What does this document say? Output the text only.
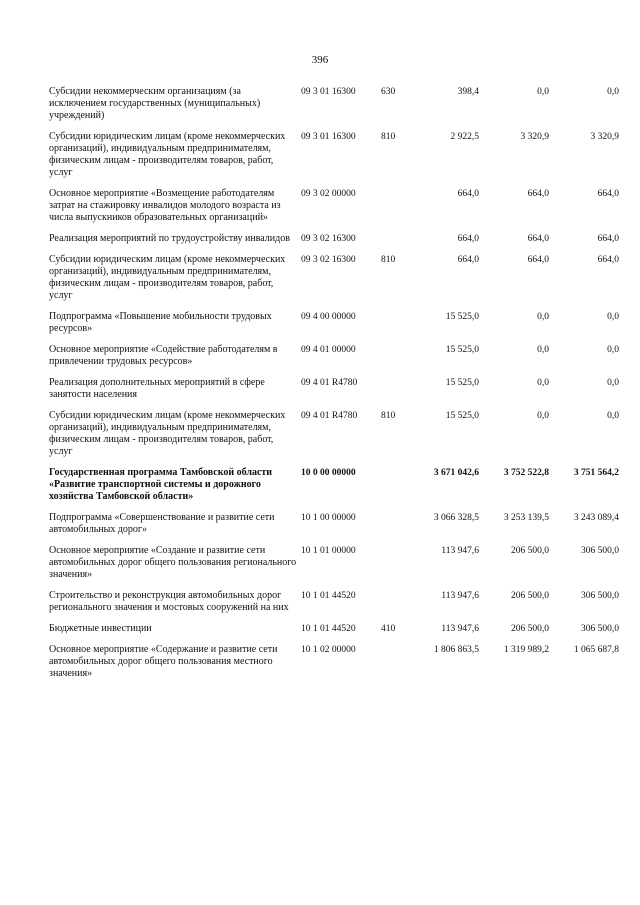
396
Субсидии некоммерческим организациям (за исключением государственных (муниципальных) учреждений)	09 3 01 16300	630	398,4	0,0	0,0
Субсидии юридическим лицам (кроме некоммерческих организаций), индивидуальным предпринимателям, физическим лицам - производителям товаров, работ, услуг	09 3 01 16300	810	2 922,5	3 320,9	3 320,9
Основное мероприятие «Возмещение работодателям затрат на стажировку инвалидов молодого возраста из числа выпускников образовательных организаций»	09 3 02 00000		664,0	664,0	664,0
Реализация мероприятий по трудоустройству инвалидов	09 3 02 16300		664,0	664,0	664,0
Субсидии юридическим лицам (кроме некоммерческих организаций), индивидуальным предпринимателям, физическим лицам - производителям товаров, работ, услуг	09 3 02 16300	810	664,0	664,0	664,0
Подпрограмма «Повышение мобильности трудовых ресурсов»	09 4 00 00000		15 525,0	0,0	0,0
Основное мероприятие «Содействие работодателям в привлечении трудовых ресурсов»	09 4 01 00000		15 525,0	0,0	0,0
Реализация дополнительных мероприятий в сфере занятости населения	09 4 01 R4780		15 525,0	0,0	0,0
Субсидии юридическим лицам (кроме некоммерческих организаций), индивидуальным предпринимателям, физическим лицам - производителям товаров, работ, услуг	09 4 01 R4780	810	15 525,0	0,0	0,0
Государственная программа Тамбовской области «Развитие транспортной системы и дорожного хозяйства Тамбовской области»	10 0 00 00000		3 671 042,6	3 752 522,8	3 751 564,2
Подпрограмма «Совершенствование и развитие сети автомобильных дорог»	10 1 00 00000		3 066 328,5	3 253 139,5	3 243 089,4
Основное мероприятие «Создание и развитие сети автомобильных дорог общего пользования регионального значения»	10 1 01 00000		113 947,6	206 500,0	306 500,0
Строительство и реконструкция автомобильных дорог регионального значения и мостовых сооружений на них	10 1 01 44520		113 947,6	206 500,0	306 500,0
Бюджетные инвестиции	10 1 01 44520	410	113 947,6	206 500,0	306 500,0
Основное мероприятие «Содержание и развитие сети автомобильных дорог общего пользования местного значения»	10 1 02 00000		1 806 863,5	1 319 989,2	1 065 687,8
